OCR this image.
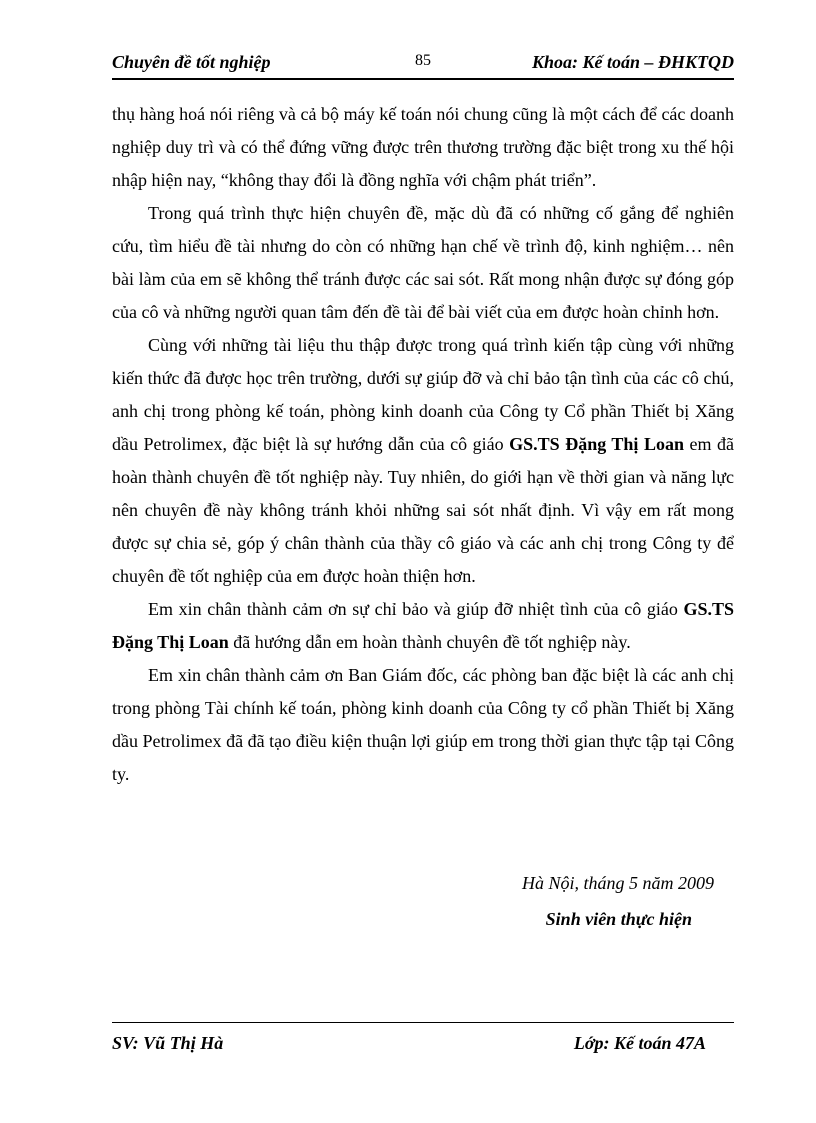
Chuyên đề tốt nghiệp	85	Khoa: Kế toán – ĐHKTQD

thụ hàng hoá nói riêng và cả bộ máy kế toán nói chung cũng là một cách để các doanh nghiệp duy trì và có thể đứng vững được trên thương trường đặc biệt trong xu thế hội nhập hiện nay, “không thay đổi là đồng nghĩa với chậm phát triển”.

Trong quá trình thực hiện chuyên đề, mặc dù đã có những cố gắng để nghiên cứu, tìm hiểu đề tài nhưng do còn có những hạn chế về trình độ, kinh nghiệm… nên bài làm của em sẽ không thể tránh được các sai sót. Rất mong nhận được sự đóng góp của cô và những người quan tâm đến đề tài để bài viết của em được hoàn chỉnh hơn.

Cùng với những tài liệu thu thập được trong quá trình kiến tập cùng với những kiến thức đã được học trên trường, dưới sự giúp đỡ và chỉ bảo tận tình của các cô chú, anh chị trong phòng kế toán, phòng kinh doanh của Công ty Cổ phần Thiết bị Xăng dầu Petrolimex, đặc biệt là sự hướng dẫn của cô giáo GS.TS Đặng Thị Loan em đã hoàn thành chuyên đề tốt nghiệp này. Tuy nhiên, do giới hạn về thời gian và năng lực nên chuyên đề này không tránh khỏi những sai sót nhất định. Vì vậy em rất mong được sự chia sẻ, góp ý chân thành của thầy cô giáo và các anh chị trong Công ty để chuyên đề tốt nghiệp của em được hoàn thiện hơn.

Em xin chân thành cảm ơn sự chỉ bảo và giúp đỡ nhiệt tình của cô giáo GS.TS Đặng Thị Loan đã hướng dẫn em hoàn thành chuyên đề tốt nghiệp này.

Em xin chân thành cảm ơn Ban Giám đốc, các phòng ban đặc biệt là các anh chị trong phòng Tài chính kế toán, phòng kinh doanh của Công ty cổ phần Thiết bị Xăng dầu Petrolimex đã đã tạo điều kiện thuận lợi giúp em trong thời gian thực tập tại Công ty.

Hà Nội, tháng 5 năm 2009
Sinh viên thực hiện
SV: Vũ Thị Hà	Lớp: Kế toán 47A
